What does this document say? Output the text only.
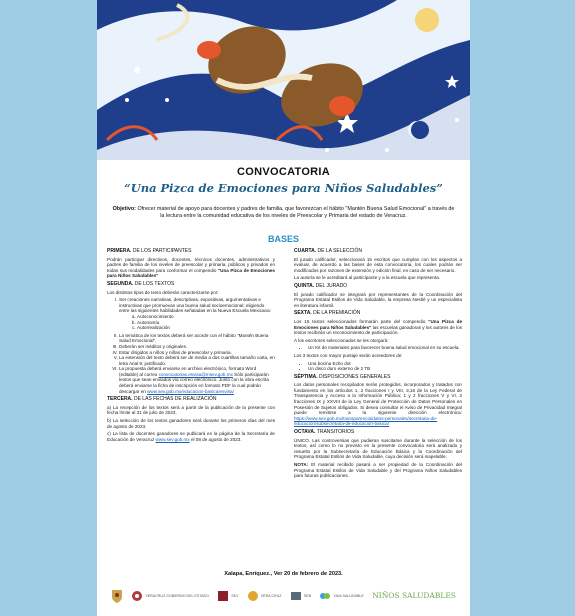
CONVOCATORIA
“Una Pizca de Emociones para Niños Saludables”

Objetivo: Ofrecer material de apoyo para docentes y padres de familia, que favorezcan el hábito "Mantén Buena Salud Emocional" a través de la lectura entre la comunidad educativa de los niveles de Preescolar y Primaria del estado de Veracruz.

BASES
PRIMERA. DE LOS PARTICIPANTES

Podrán participar directivos, docentes, técnicos docentes, administrativos y padres de familia de los niveles de preescolar y primaria, públicos y privados en todas sus modalidades para conformar el compendio "Una Pizca de Emociones para Niños Saludables"

SEGUNDA. DE LOS TEXTOS

Los distintos tipos de texto deberán caracterizarse por:

I. Ser creaciones narrativas, descriptivas, expositivas, argumentativas e instructivas que promuevan una buena salud socioemocional; eligiendo entre las siguientes habilidades señaladas en la Nueva Escuela Mexicana:
a. Autoconocimiento
b. Autonomía
c. Autorrealización
II. La temática de los textos deberá ser acorde con el hábito "Mantén Buena Salud Emocional".
III. Deberán ser inéditos y originales.
IV. Estar dirigidos a niños y niñas de preescolar y primaria.
V. La extensión del texto deberá ser de media a dos cuartillas tamaño carta, en letra Arial 9, justificado.
VI. La propuesta deberá enviarse en archivo electrónico, formato Word (editable) al correo convocatorias.esvisa@msev.gob.mx Sólo participarán textos que sean enviados vía correo electrónico. Junto con la obra escrita deberá enviarse la ficha de inscripción en formato PDF la cual podrán descargar en www.sev.gob.mx/educacion-basica/esvisa/
TERCERA. DE LAS FECHAS DE REALIZACIÓN

a) La recepción de los textos será a partir de la publicación de la presente con fecha límite al 31 de julio de 2023.

b) La selección de los textos ganadores será durante los primeros días del mes de agosto de 2023.

c) La lista de docentes ganadores se publicará en la página de la Secretaría de Educación de Veracruz www.sev.gob.mx el 08 de agosto de 2023.

CUARTA. DE LA SELECCIÓN

El jurado calificador, seleccionará 15 escritos que cumplan con los aspectos a evaluar, de acuerdo a las bases de esta convocatoria, los cuales podrán ser modificados por razones de extensión y edición final, en caso de ser necesario.

La autoría se le acreditará al participante y a la escuela que representa.

QUINTA. DEL JURADO

El jurado calificador se integrará por representantes de la Coordinación del Programa Estatal Estilos de Vida Saludable, la empresa Nestlé y un especialista en literatura infantil.

SEXTA. DE LA PREMIACIÓN

Los 15 textos seleccionados formarán parte del compendio "Una Pizca de Emociones para Niños Saludables" las escuelas ganadoras y los autores de los textos recibirán un reconocimiento de participación.

A los escritores seleccionados se les otorgará:

• Un Kit de materiales para favorecer buena salud emocional en su escuela.

Los 3 textos con mayor puntaje serán acreedores de:

• Una bocina Echo dot
• Un disco duro externo de 2 TB
SÉPTIMA. DISPOSICIONES GENERALES

Los datos personales recopilados serán protegidos, incorporados y tratados con fundamento en los artículos 1, 2 fracciones I y VIII, 3,16 de la Ley Federal de Transparencia y Acceso a la Información Pública; 1 y 2 fracciones V y VI, 3 fracciones IX y XXVIII de la Ley General de Protección de Datos Personales en Posesión de Sujetos obligados. Si desea consultar el Aviso de Privacidad Integral puede remitirse a la siguiente dirección electrónica: https://www.sev.gob.mx/transparencia/datos-personales/secretaria-de-educacion/subsecretaria-de-educacion-basica/

OCTAVA. TRANSITORIOS

ÚNICO. Las controversias que pudieran suscitarse durante la selección de los textos, así como lo no previsto en la presente convocatoria será analizado y resuelto por la Subsecretaría de Educación Básica y la Coordinación del Programa Estatal Estilos de Vida Saludable, cuya decisión será inapelable.

NOTA: El material recibido pasará a ser propiedad de la Coordinación del Programa Estatal Estilos de Vida Saludable y del Programa Niños Saludables para futuras publicaciones.

Xalapa, Enríquez., Ver 20 de febrero de 2023.

VERACRUZ GOBIERNO DEL ESTADO	SEV	VERA CRUZ	SEB	VIDA SALUDABLE NIÑOS SALUDABLES
